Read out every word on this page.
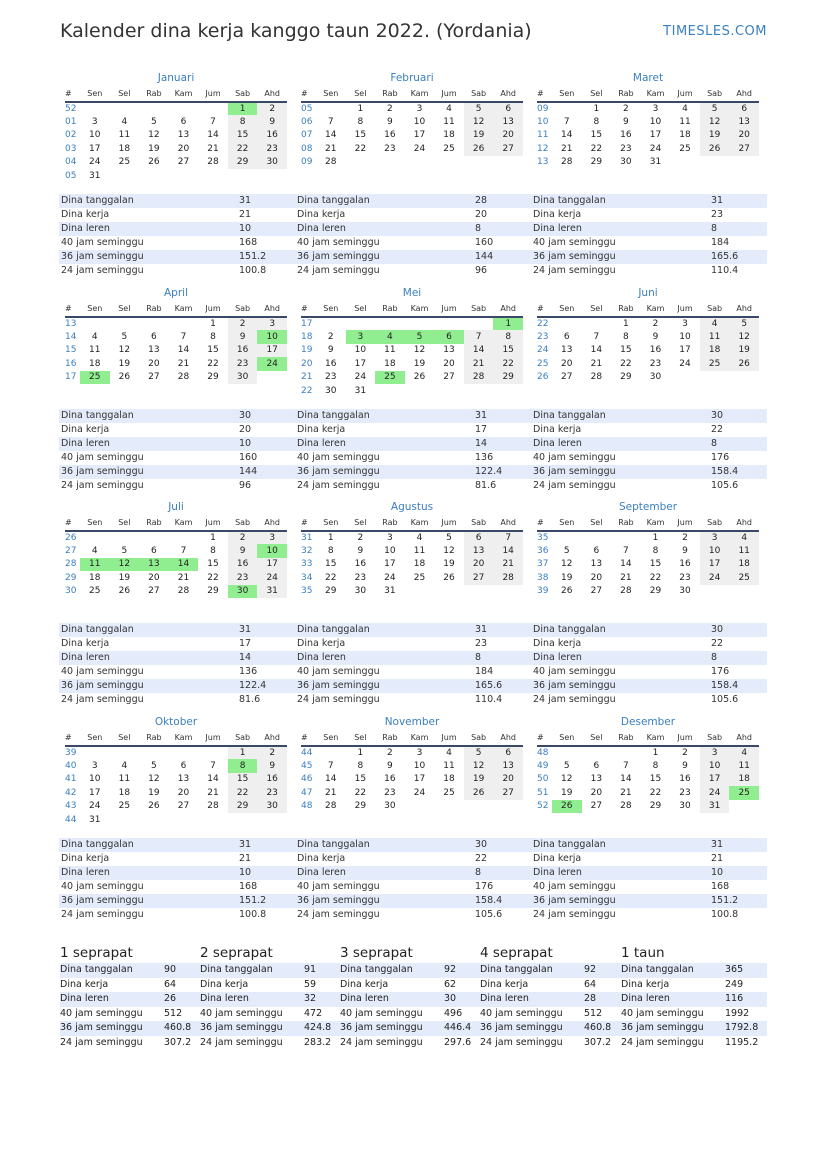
Kalender dina kerja kanggo taun 2022. (Yordania)	TIMESLES.COM
Januari
#	Sen	Sel	Rab	Kam	Jum	Sab	Ahd
52						1	2
01	3	4	5	6	7	8	9
02	10	11	12	13	14	15	16
03	17	18	19	20	21	22	23
04	24	25	26	27	28	29	30
05	31						
Dina tanggalan	31
Dina kerja	21
Dina leren	10
40 jam seminggu	168
36 jam seminggu	151.2
24 jam seminggu	100.8
Februari
#	Sen	Sel	Rab	Kam	Jum	Sab	Ahd
05		1	2	3	4	5	6
06	7	8	9	10	11	12	13
07	14	15	16	17	18	19	20
08	21	22	23	24	25	26	27
09	28						
Dina tanggalan	28
Dina kerja	20
Dina leren	8
40 jam seminggu	160
36 jam seminggu	144
24 jam seminggu	96
Maret
#	Sen	Sel	Rab	Kam	Jum	Sab	Ahd
09		1	2	3	4	5	6
10	7	8	9	10	11	12	13
11	14	15	16	17	18	19	20
12	21	22	23	24	25	26	27
13	28	29	30	31			
Dina tanggalan	31
Dina kerja	23
Dina leren	8
40 jam seminggu	184
36 jam seminggu	165.6
24 jam seminggu	110.4
April
#	Sen	Sel	Rab	Kam	Jum	Sab	Ahd
13					1	2	3
14	4	5	6	7	8	9	10
15	11	12	13	14	15	16	17
16	18	19	20	21	22	23	24
17	25	26	27	28	29	30	
Dina tanggalan	30
Dina kerja	20
Dina leren	10
40 jam seminggu	160
36 jam seminggu	144
24 jam seminggu	96
Mei
#	Sen	Sel	Rab	Kam	Jum	Sab	Ahd
17							1
18	2	3	4	5	6	7	8
19	9	10	11	12	13	14	15
20	16	17	18	19	20	21	22
21	23	24	25	26	27	28	29
22	30	31					
Dina tanggalan	31
Dina kerja	17
Dina leren	14
40 jam seminggu	136
36 jam seminggu	122.4
24 jam seminggu	81.6
Juni
#	Sen	Sel	Rab	Kam	Jum	Sab	Ahd
22			1	2	3	4	5
23	6	7	8	9	10	11	12
24	13	14	15	16	17	18	19
25	20	21	22	23	24	25	26
26	27	28	29	30			
Dina tanggalan	30
Dina kerja	22
Dina leren	8
40 jam seminggu	176
36 jam seminggu	158.4
24 jam seminggu	105.6
Juli
#	Sen	Sel	Rab	Kam	Jum	Sab	Ahd
26					1	2	3
27	4	5	6	7	8	9	10
28	11	12	13	14	15	16	17
29	18	19	20	21	22	23	24
30	25	26	27	28	29	30	31
Dina tanggalan	31
Dina kerja	17
Dina leren	14
40 jam seminggu	136
36 jam seminggu	122.4
24 jam seminggu	81.6
Agustus
#	Sen	Sel	Rab	Kam	Jum	Sab	Ahd
31	1	2	3	4	5	6	7
32	8	9	10	11	12	13	14
33	15	16	17	18	19	20	21
34	22	23	24	25	26	27	28
35	29	30	31				
Dina tanggalan	31
Dina kerja	23
Dina leren	8
40 jam seminggu	184
36 jam seminggu	165.6
24 jam seminggu	110.4
September
#	Sen	Sel	Rab	Kam	Jum	Sab	Ahd
35				1	2	3	4
36	5	6	7	8	9	10	11
37	12	13	14	15	16	17	18
38	19	20	21	22	23	24	25
39	26	27	28	29	30		
Dina tanggalan	30
Dina kerja	22
Dina leren	8
40 jam seminggu	176
36 jam seminggu	158.4
24 jam seminggu	105.6
Oktober
#	Sen	Sel	Rab	Kam	Jum	Sab	Ahd
39						1	2
40	3	4	5	6	7	8	9
41	10	11	12	13	14	15	16
42	17	18	19	20	21	22	23
43	24	25	26	27	28	29	30
44	31						
Dina tanggalan	31
Dina kerja	21
Dina leren	10
40 jam seminggu	168
36 jam seminggu	151.2
24 jam seminggu	100.8
November
#	Sen	Sel	Rab	Kam	Jum	Sab	Ahd
44		1	2	3	4	5	6
45	7	8	9	10	11	12	13
46	14	15	16	17	18	19	20
47	21	22	23	24	25	26	27
48	28	29	30				
Dina tanggalan	30
Dina kerja	22
Dina leren	8
40 jam seminggu	176
36 jam seminggu	158.4
24 jam seminggu	105.6
Desember
#	Sen	Sel	Rab	Kam	Jum	Sab	Ahd
48				1	2	3	4
49	5	6	7	8	9	10	11
50	12	13	14	15	16	17	18
51	19	20	21	22	23	24	25
52	26	27	28	29	30	31	
Dina tanggalan	31
Dina kerja	21
Dina leren	10
40 jam seminggu	168
36 jam seminggu	151.2
24 jam seminggu	100.8
1 seprapat
Dina tanggalan	90
Dina kerja	64
Dina leren	26
40 jam seminggu 512
36 jam seminggu 460.8
24 jam seminggu 307.2
2 seprapat
Dina tanggalan	91
Dina kerja	59
Dina leren	32
40 jam seminggu 472
36 jam seminggu 424.8
24 jam seminggu 283.2
3 seprapat
Dina tanggalan	92
Dina kerja	62
Dina leren	30
40 jam seminggu 496
36 jam seminggu 446.4
24 jam seminggu 297.6
4 seprapat
Dina tanggalan	92
Dina kerja	64
Dina leren	28
40 jam seminggu 512
36 jam seminggu 460.8
24 jam seminggu 307.2
1 taun
Dina tanggalan	365
Dina kerja	249
Dina leren	116
40 jam seminggu 1992
36 jam seminggu 1792.8
24 jam seminggu 1195.2
